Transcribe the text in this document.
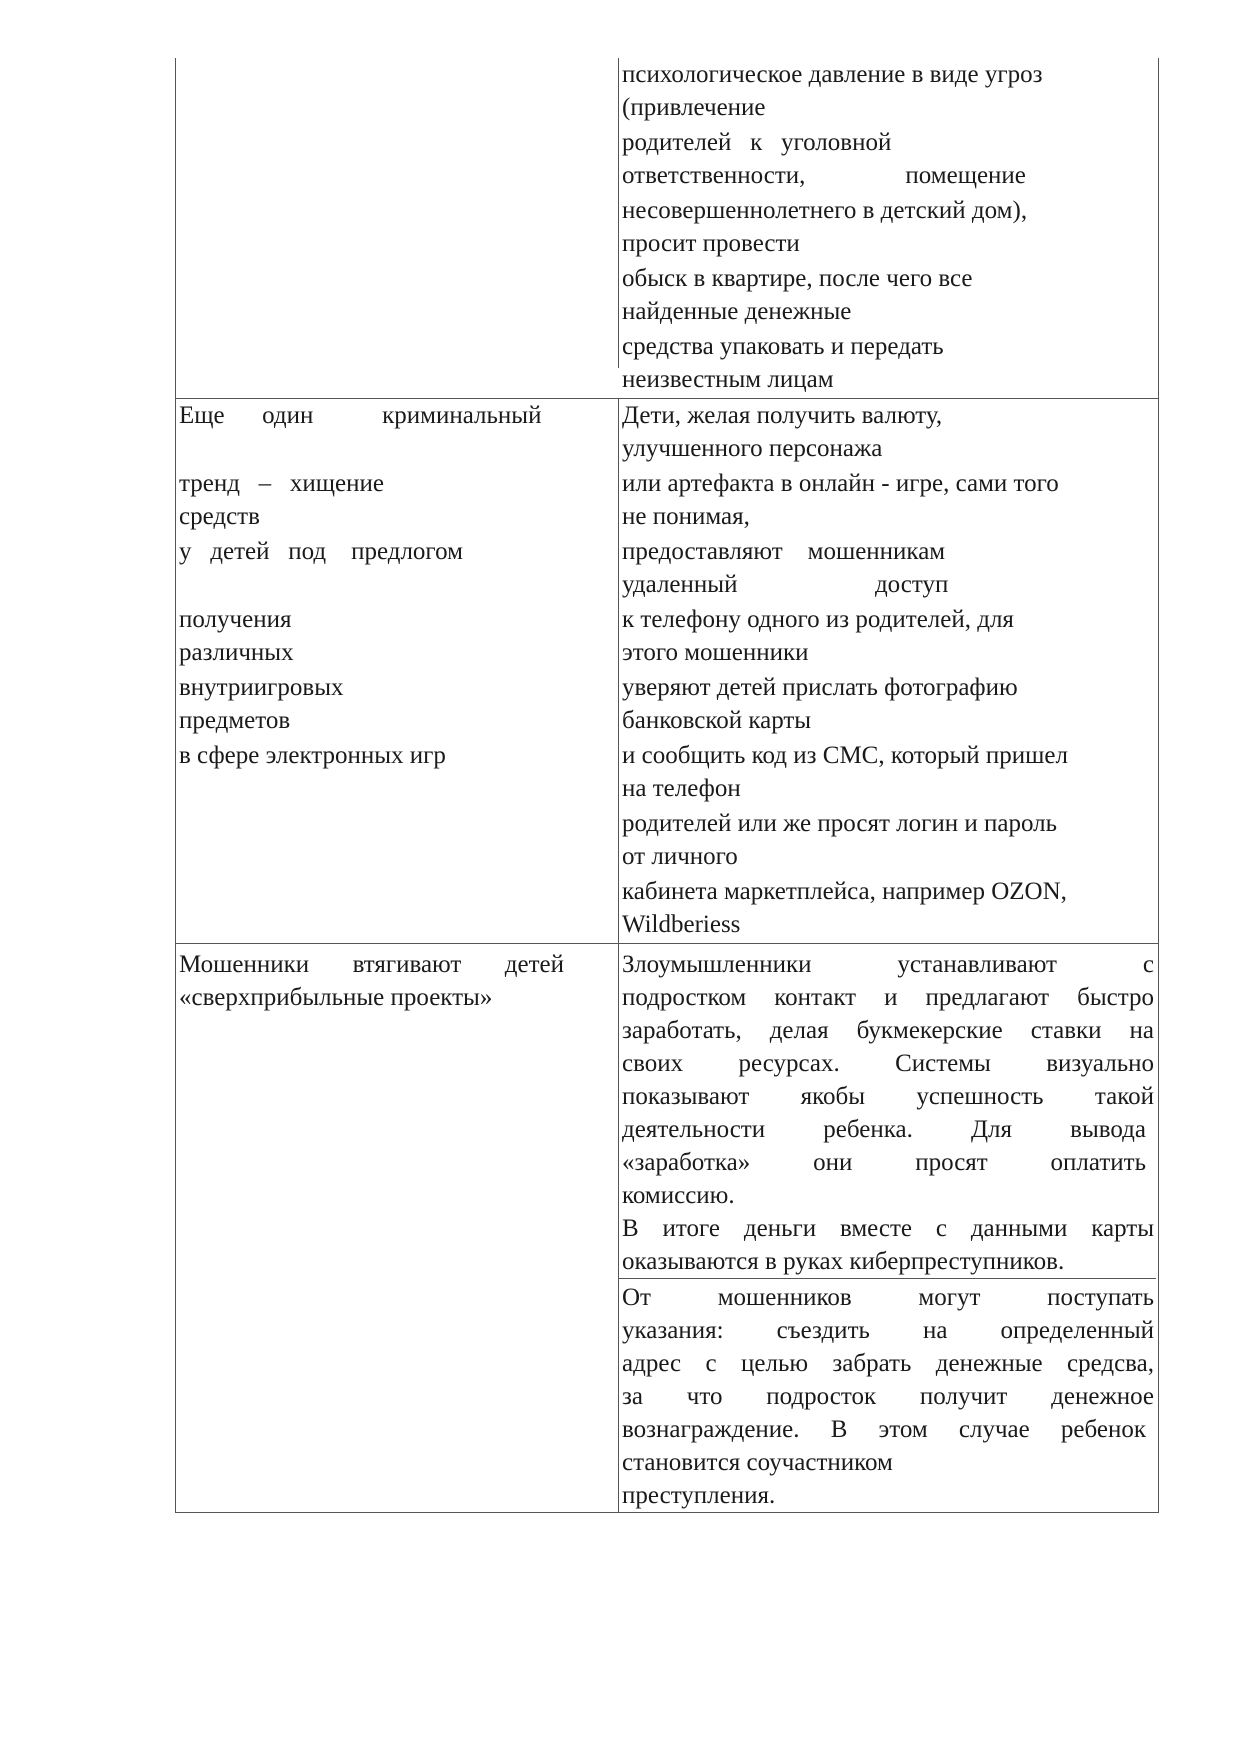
психологическое давление в виде угроз
(привлечение
родителей   к   уголовной
ответственности,                помещение
несовершеннолетнего в детский дом),
просит провести
обыск в квартире, после чего все
найденные денежные
средства упаковать и передать
неизвестным лицам
Еще      один           криминальный

тренд   –   хищение
средств
у   детей   под    предлогом

получения
различных
внутриигровых
предметов
в сфере электронных игр

Дети, желая получить валюту,
улучшенного персонажа
или артефакта в онлайн - игре, сами того
не понимая,
предоставляют    мошенникам
удаленный                      доступ
к телефону одного из родителей, для
этого мошенники
уверяют детей прислать фотографию
банковской карты
и сообщить код из СМС, который пришел
на телефон
родителей или же просят логин и пароль
от личного
кабинета маркетплейса, например OZON,
Wildberiess
Мошенники втягивают детей
«сверхприбыльные проекты»
Злоумышленники устанавливают с
подростком контакт и предлагают быстро
заработать, делая букмекерские ставки на
своих ресурсах. Системы визуально
показывают якобы успешность такой
деятельности ребенка. Для вывода
«заработка» они просят оплатить
комиссию.
В итоге деньги вместе с данными карты
оказываются в руках киберпреступников.
От мошенников могут поступать
указания: съездить на определенный
адрес с целью забрать денежные средсва,
за что подросток получит денежное
вознаграждение. В этом случае ребенок
становится соучастником
преступления.
